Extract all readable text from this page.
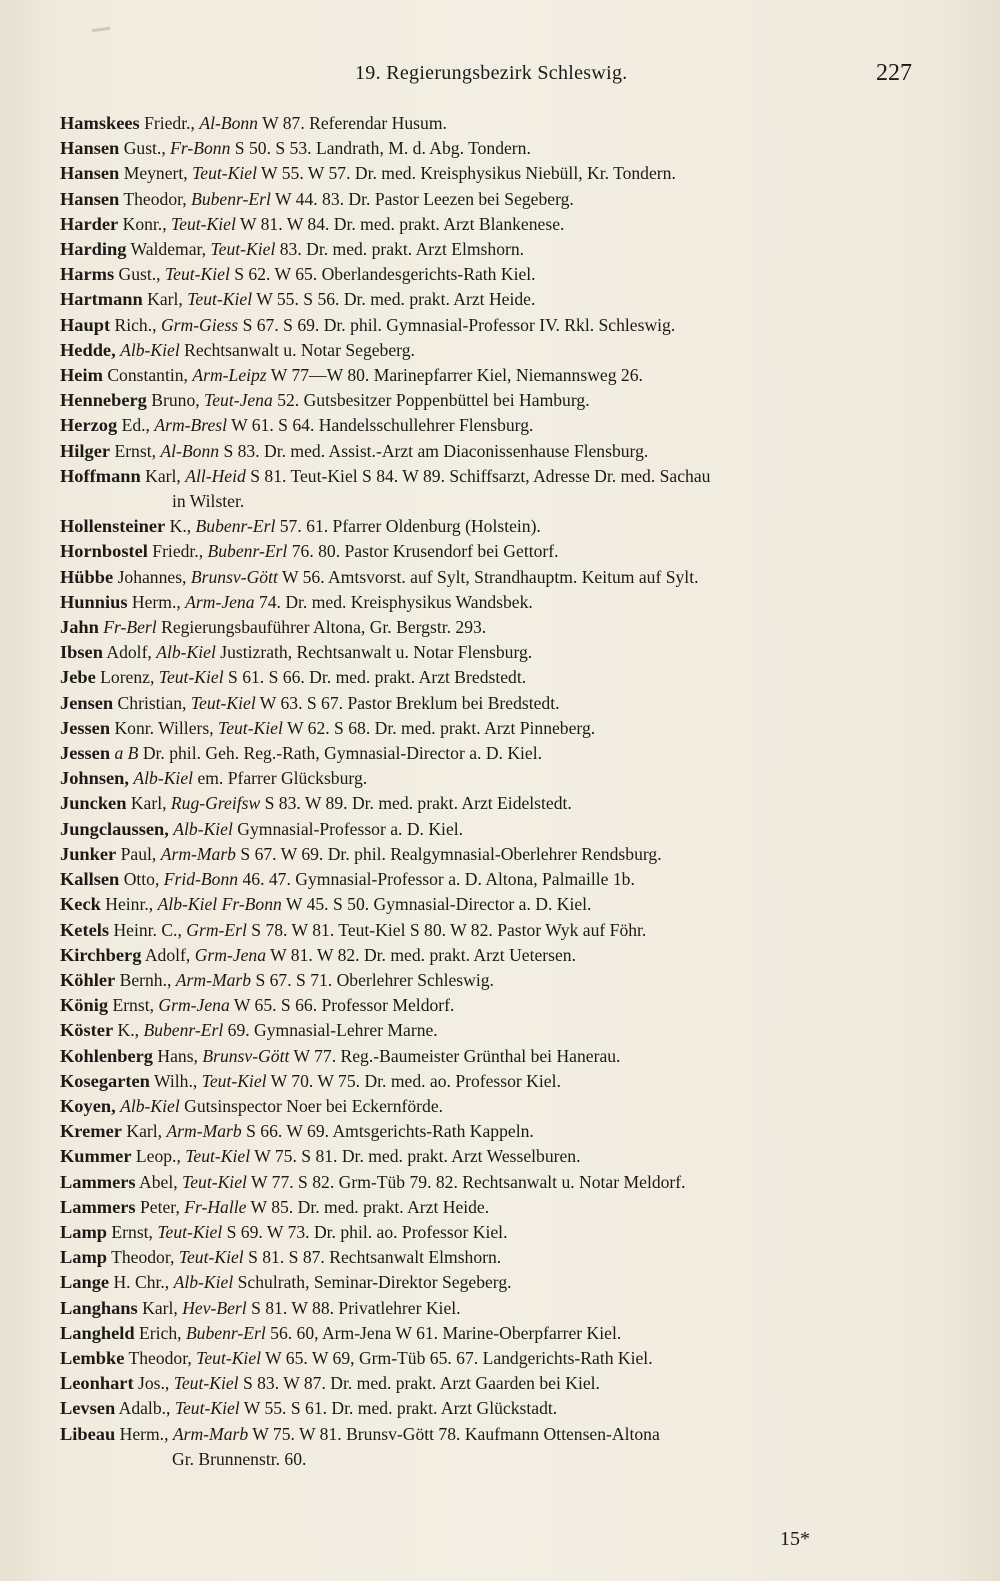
19. Regierungsbezirk Schleswig.	227
Hamskees Friedr., Al-Bonn W 87. Referendar Husum.
Hansen Gust., Fr-Bonn S 50. S 53. Landrath, M. d. Abg. Tondern.
Hansen Meynert, Teut-Kiel W 55. W 57. Dr. med. Kreisphysikus Niebüll, Kr. Tondern.
Hansen Theodor, Bubenr-Erl W 44. 83. Dr. Pastor Leezen bei Segeberg.
Harder Konr., Teut-Kiel W 81. W 84. Dr. med. prakt. Arzt Blankenese.
Harding Waldemar, Teut-Kiel 83. Dr. med. prakt. Arzt Elmshorn.
Harms Gust., Teut-Kiel S 62. W 65. Oberlandesgerichts-Rath Kiel.
Hartmann Karl, Teut-Kiel W 55. S 56. Dr. med. prakt. Arzt Heide.
Haupt Rich., Grm-Giess S 67. S 69. Dr. phil. Gymnasial-Professor IV. Rkl. Schleswig.
Hedde, Alb-Kiel Rechtsanwalt u. Notar Segeberg.
Heim Constantin, Arm-Leipz W 77—W 80. Marinepfarrer Kiel, Niemannsweg 26.
Henneberg Bruno, Teut-Jena 52. Gutsbesitzer Poppenbüttel bei Hamburg.
Herzog Ed., Arm-Bresl W 61. S 64. Handelsschullehrer Flensburg.
Hilger Ernst, Al-Bonn S 83. Dr. med. Assist.-Arzt am Diaconissenhause Flensburg.
Hoffmann Karl, All-Heid S 81. Teut-Kiel S 84. W 89. Schiffsarzt, Adresse Dr. med. Sachau
in Wilster.
Hollensteiner K., Bubenr-Erl 57. 61. Pfarrer Oldenburg (Holstein).
Hornbostel Friedr., Bubenr-Erl 76. 80. Pastor Krusendorf bei Gettorf.
Hübbe Johannes, Brunsv-Gött W 56. Amtsvorst. auf Sylt, Strandhauptm. Keitum auf Sylt.
Hunnius Herm., Arm-Jena 74. Dr. med. Kreisphysikus Wandsbek.
Jahn Fr-Berl Regierungsbauführer Altona, Gr. Bergstr. 293.
Ibsen Adolf, Alb-Kiel Justizrath, Rechtsanwalt u. Notar Flensburg.
Jebe Lorenz, Teut-Kiel S 61. S 66. Dr. med. prakt. Arzt Bredstedt.
Jensen Christian, Teut-Kiel W 63. S 67. Pastor Breklum bei Bredstedt.
Jessen Konr. Willers, Teut-Kiel W 62. S 68. Dr. med. prakt. Arzt Pinneberg.
Jessen a B Dr. phil. Geh. Reg.-Rath, Gymnasial-Director a. D. Kiel.
Johnsen, Alb-Kiel em. Pfarrer Glücksburg.
Juncken Karl, Rug-Greifsw S 83. W 89. Dr. med. prakt. Arzt Eidelstedt.
Jungclaussen, Alb-Kiel Gymnasial-Professor a. D. Kiel.
Junker Paul, Arm-Marb S 67. W 69. Dr. phil. Realgymnasial-Oberlehrer Rendsburg.
Kallsen Otto, Frid-Bonn 46. 47. Gymnasial-Professor a. D. Altona, Palmaille 1b.
Keck Heinr., Alb-Kiel Fr-Bonn W 45. S 50. Gymnasial-Director a. D. Kiel.
Ketels Heinr. C., Grm-Erl S 78. W 81. Teut-Kiel S 80. W 82. Pastor Wyk auf Föhr.
Kirchberg Adolf, Grm-Jena W 81. W 82. Dr. med. prakt. Arzt Uetersen.
Köhler Bernh., Arm-Marb S 67. S 71. Oberlehrer Schleswig.
König Ernst, Grm-Jena W 65. S 66. Professor Meldorf.
Köster K., Bubenr-Erl 69. Gymnasial-Lehrer Marne.
Kohlenberg Hans, Brunsv-Gött W 77. Reg.-Baumeister Grünthal bei Hanerau.
Kosegarten Wilh., Teut-Kiel W 70. W 75. Dr. med. ao. Professor Kiel.
Koyen, Alb-Kiel Gutsinspector Noer bei Eckernförde.
Kremer Karl, Arm-Marb S 66. W 69. Amtsgerichts-Rath Kappeln.
Kummer Leop., Teut-Kiel W 75. S 81. Dr. med. prakt. Arzt Wesselburen.
Lammers Abel, Teut-Kiel W 77. S 82. Grm-Tüb 79. 82. Rechtsanwalt u. Notar Meldorf.
Lammers Peter, Fr-Halle W 85. Dr. med. prakt. Arzt Heide.
Lamp Ernst, Teut-Kiel S 69. W 73. Dr. phil. ao. Professor Kiel.
Lamp Theodor, Teut-Kiel S 81. S 87. Rechtsanwalt Elmshorn.
Lange H. Chr., Alb-Kiel Schulrath, Seminar-Direktor Segeberg.
Langhans Karl, Hev-Berl S 81. W 88. Privatlehrer Kiel.
Langheld Erich, Bubenr-Erl 56. 60, Arm-Jena W 61. Marine-Oberpfarrer Kiel.
Lembke Theodor, Teut-Kiel W 65. W 69, Grm-Tüb 65. 67. Landgerichts-Rath Kiel.
Leonhart Jos., Teut-Kiel S 83. W 87. Dr. med. prakt. Arzt Gaarden bei Kiel.
Levsen Adalb., Teut-Kiel W 55. S 61. Dr. med. prakt. Arzt Glückstadt.
Libeau Herm., Arm-Marb W 75. W 81. Brunsv-Gött 78. Kaufmann Ottensen-Altona
Gr. Brunnenstr. 60.
15*
